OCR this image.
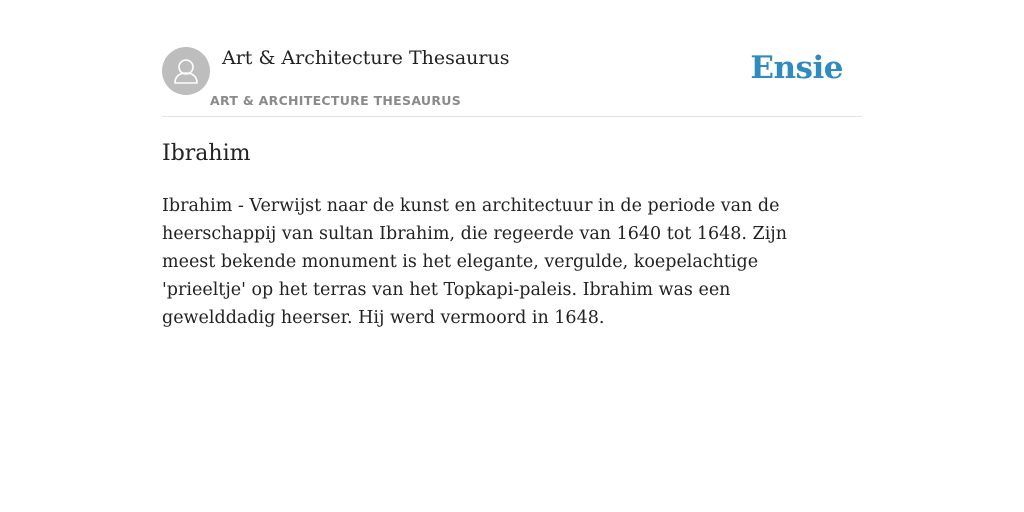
Art & Architecture Thesaurus
ART & ARCHITECTURE THESAURUS
Ensie
Ibrahim

Ibrahim - Verwijst naar de kunst en architectuur in de periode van de heerschappij van sultan Ibrahim, die regeerde van 1640 tot 1648. Zijn meest bekende monument is het elegante, vergulde, koepelachtige 'prieeltje' op het terras van het Topkapi-paleis. Ibrahim was een gewelddadig heerser. Hij werd vermoord in 1648.
